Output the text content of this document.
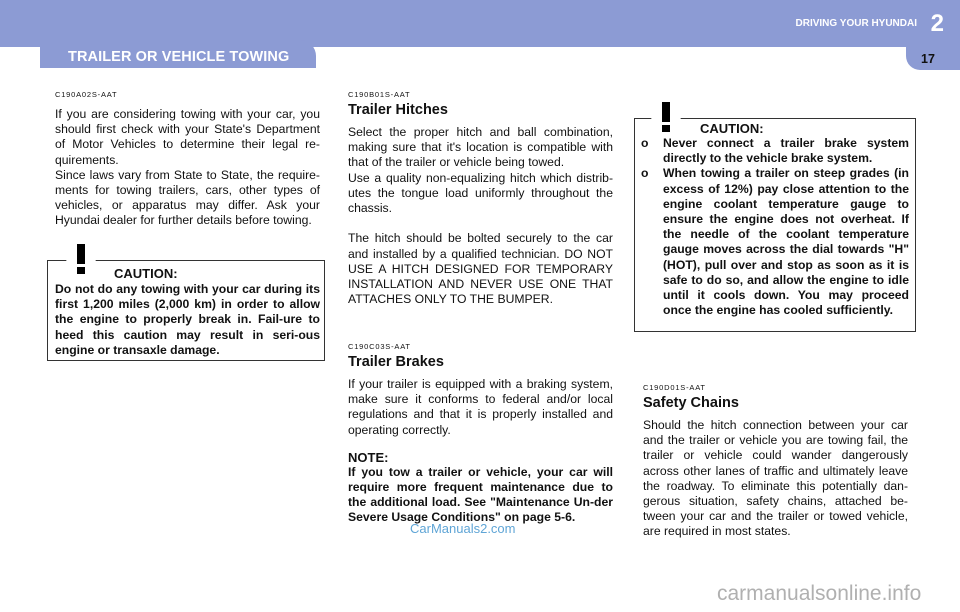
TRAILER OR VEHICLE TOWING
DRIVING YOUR HYUNDAI 2
17
C190A02S-AAT
If you are considering towing with your car, you should first check with your State's Department of Motor Vehicles to determine their legal re-quirements.
Since laws vary from State to State, the require-ments for towing trailers, cars, other types of vehicles, or apparatus may differ. Ask your Hyundai dealer for further details before towing.
CAUTION:
Do not do any towing with your car during its first 1,200 miles (2,000 km) in order to allow the engine to properly break in. Fail-ure to heed this caution may result in seri-ous engine or transaxle damage.
C190B01S-AAT
Trailer Hitches
Select the proper hitch and ball combination, making sure that it's location is compatible with that of the trailer or vehicle being towed.
Use a quality non-equalizing hitch which distrib-utes the tongue load uniformly throughout the chassis.

The hitch should be bolted securely to the car and installed by a qualified technician. DO NOT USE A HITCH DESIGNED FOR TEMPORARY INSTALLATION AND NEVER USE ONE THAT ATTACHES ONLY TO THE BUMPER.
C190C03S-AAT
Trailer Brakes
If your trailer is equipped with a braking system, make sure it conforms to federal and/or local regulations and that it is properly installed and operating correctly.
NOTE:
If you tow a trailer or vehicle, your car will require more frequent maintenance due to the additional load. See "Maintenance Un-der Severe Usage Conditions" on page 5-6.
CarManuals2.com
CAUTION:
o	Never connect a trailer brake system directly to the vehicle brake system.
o	When towing a trailer on steep grades (in excess of 12%) pay close attention to the engine coolant temperature gauge to ensure the engine does not overheat. If the needle of the coolant temperature gauge moves across the dial towards "H" (HOT), pull over and stop as soon as it is safe to do so, and allow the engine to idle until it cools down. You may proceed once the engine has cooled sufficiently.
C190D01S-AAT
Safety Chains
Should the hitch connection between your car and the trailer or vehicle you are towing fail, the trailer or vehicle could wander dangerously across other lanes of traffic and ultimately leave the roadway. To eliminate this potentially dan-gerous situation, safety chains, attached be-tween your car and the trailer or towed vehicle, are required in most states.
carmanualsonline.info
